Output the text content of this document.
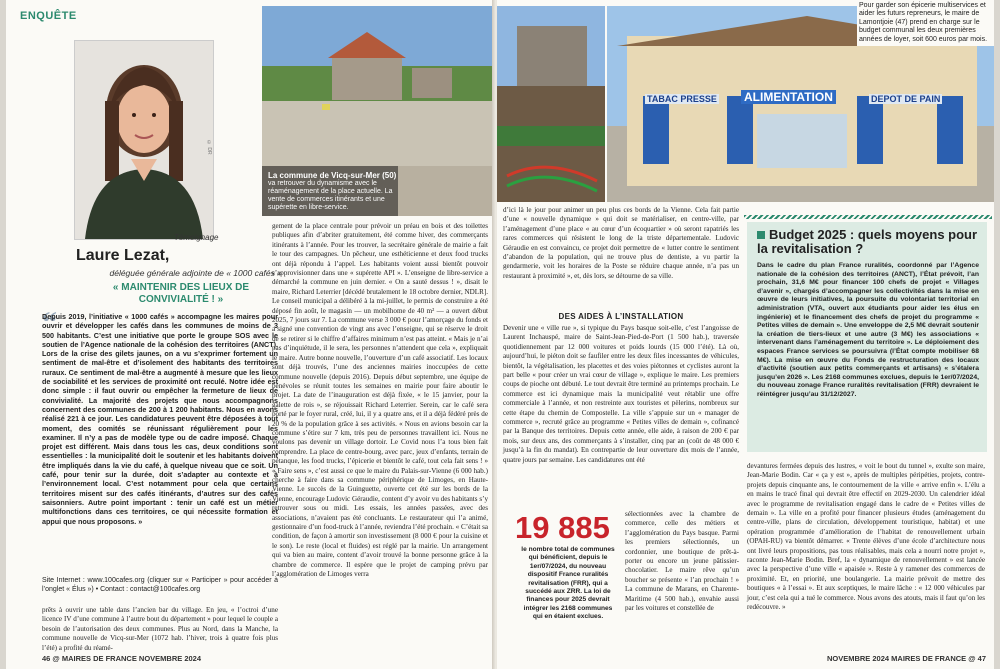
ENQUÊTE
© DR
Témoignage
Laure Lezat,
déléguée générale adjointe de « 1000 cafés »
« MAINTENIR DES LIEUX DE CONVIVIALITÉ ! »
“

Depuis 2019, l’initiative « 1000 cafés » accompagne les maires pour ouvrir et développer les cafés dans les communes de moins de 3 500 habitants. C’est une initiative que porte le groupe SOS avec le soutien de l’Agence nationale de la cohésion des territoires (ANCT). Lors de la crise des gilets jaunes, on a vu s’exprimer fortement un sentiment de mal-être et d’isolement des habitants des territoires ruraux. Ce sentiment de mal-être a augmenté à mesure que les lieux de sociabilité et les services de proximité ont reculé. Notre idée est donc simple : il faut ouvrir ou empêcher la fermeture de lieux de convivialité. La majorité des projets que nous accompagnons concernent des communes de 200 à 1 200 habitants. Nous en avons réalisé 221 à ce jour. Les candidatures peuvent être déposées à tout moment, des comités se réunissant régulièrement pour les examiner. Il n’y a pas de modèle type ou de cadre imposé. Chaque projet est différent. Mais dans tous les cas, deux conditions sont essentielles : la municipalité doit le soutenir et les habitants doivent être impliqués dans la vie du café, à quelque niveau que ce soit. Un café, pour tenir sur la durée, doit s’adapter au contexte et à l’environnement local. C’est notamment pour cela que certains territoires misent sur des cafés itinérants, d’autres sur des cafés saisonniers. Autre point important : tenir un café est un métier multifonctions dans ces territoires, ce qui nécessite formation et appui que nous proposons. »

Site Internet : www.100cafes.org (cliquer sur « Participer » pour accéder à l’onglet « Élus ») • Contact : contact@100cafes.org

prêts à ouvrir une table dans l’ancien bar du village. En jeu, « l’octroi d’une licence IV d’une commune à l’autre bout du département » pour lequel le couple a besoin de l’autorisation des deux communes. Plus au Nord, dans la Manche, la commune nouvelle de Vicq-sur-Mer (1072 hab. l’hiver, trois à quatre fois plus l’été) a profité du réamé-

La commune de Vicq-sur-Mer (50)
va retrouver du dynamisme avec le réaménagement de la place actuelle. La vente de commerces itinérants et une supérette en libre-service.

gement de la place centrale pour prévoir un préau en bois et des toilettes publiques afin d’abriter gratuitement, été comme hiver, des commerçants itinérants à l’année. Pour les trouver, la secrétaire générale de mairie a fait le tour des campagnes. Un pêcheur, une esthéticienne et deux food trucks ont déjà répondu à l’appel. Les habitants voient aussi bientôt pouvoir s’approvisionner dans une « supérette API ». L’enseigne de libre-service a démarché la commune en juin dernier. « On a sauté dessus ! », disait le maire, Richard Leterrier [décédé brutalement le 18 octobre dernier, NDLR]. Le conseil municipal a délibéré à la mi-juillet, le permis de construire a été déposé fin août, le magasin — un mobilhome de 40 m² — a ouvert début 2025, 7 jours sur 7. La commune verse 3 000 € pour l’amorçage du fonds et a signé une convention de vingt ans avec l’enseigne, qui se réserve le droit de se retirer si le chiffre d’affaires minimum n’est pas atteint. « Mais je n’ai pas d’inquiétude, il le sera, les personnes n’attendent que cela », expliquait le maire. Autre bonne nouvelle, l’ouverture d’un café associatif. Les locaux sont déjà trouvés, l’une des anciennes mairies inoccupées de cette commune nouvelle (depuis 2016). Depuis début septembre, une équipe de bénévoles se réunit toutes les semaines en mairie pour faire aboutir le projet. La date de l’inauguration est déjà fixée, « le 15 janvier, pour la galette de rois », se réjouissait Richard Leterrier. Serein, car le café sera porté par le foyer rural, créé, lui, il y a quatre ans, et il a déjà fédéré près de 20 % de la population grâce à ses activités. « Nous en avions besoin car la commune s’étire sur 7 km, très peu de personnes travaillent ici. Nous ne voulons pas devenir un village dortoir. Le Covid nous l’a tous bien fait comprendre. La place de centre-bourg, avec parc, jeux d’enfants, terrain de pétanque, les food trucks, l’épicerie et bientôt le café, tout cela fait sens ! » « Faire sens », c’est aussi ce que le maire du Palais-sur-Vienne (6 000 hab.) cherche à faire dans sa commune périphérique de Limoges, en Haute-Vienne. Le succès de la Guinguette, ouverte cet été sur les bords de la Vienne, encourage Ludovic Géraudie, content d’y avoir vu des habitants s’y retrouver sous ou midi. Les essais, les années passées, avec des associations, n’avaient pas été concluants. Le restaurateur qui l’a animé, gestionnaire d’un food-truck à l’année, reviendra l’été prochain. « C’était sa condition, de façon à amortir son investissement (8 000 € pour la cuisine et le son). Le reste (local et fluides) est réglé par la mairie. Un arrangement qui va bien au maire, content d’avoir trouvé la bonne personne grâce à la chambre de commerce. Il espère que le projet de camping prévu par l’agglomération de Limoges verra

46 @ MAIRES DE FRANCE NOVEMBRE 2024
TABAC PRESSE ALIMENTATION	DEPOT DE PAIN
Pour garder son épicerie multiservices et aider les futurs repreneurs, le maire de Lamontjoie (47) prend en charge sur le budget communal les deux premières années de loyer, soit 600 euros par mois.

d’ici là le jour pour animer un peu plus ces bords de la Vienne. Cela fait partie d’une « nouvelle dynamique » qui doit se matérialiser, en centre-ville, par l’aménagement d’une place « au cœur d’un écoquartier » où seront rapatriés les rares commerces qui résistent le long de la triste départementale. Ludovic Géraudie en est convaincu, ce projet doit permettre de « lutter contre le sentiment d’abandon de la population, qui ne trouve plus de dentiste, a vu partir la gendarmerie, voit les horaires de la Poste se réduire chaque année, n’a pas un restaurant à proximité », et, dès lors, se détourne de sa ville.

DES AIDES À L’INSTALLATION

Devenir une « ville rue », si typique du Pays basque soit-elle, c’est l’angoisse de Laurent Inchauspé, maire de Saint-Jean-Pied-de-Port (1 500 hab.), traversée quotidiennement par 12 000 voitures et poids lourds (15 000 l’été). Là où, aujourd’hui, le piéton doit se faufiler entre les deux files incessantes de véhicules, bientôt, la végétalisation, les placettes et des voies piétonnes et cyclistes auront la part belle « pour créer un vrai cœur de village », explique le maire. Les premiers coups de pioche ont débuté. Le tout devrait être terminé au printemps prochain. Le commerce est ici dynamique mais la municipalité veut rétablir une offre commerciale à l’année, et non restreinte aux touristes et pèlerins, nombreux sur cette étape du chemin de Compostelle. La ville s’appuie sur un « manager de commerce », recruté grâce au programme « Petites villes de demain », cofinancé par la Banque des territoires. Depuis cette année, elle aide, à raison de 200 € par mois, sur deux ans, des commerçants à s’installer, cinq par an (coût de 48 000 € jusqu’à la fin du mandat). En contrepartie de leur ouverture dix mois de l’année, quatre jours par semaine. Les candidatures ont été

19 885
le nombre total de communes qui bénéficient, depuis le 1er/07/2024, du nouveau dispositif France ruralités revitalisation (FRR), qui a succédé aux ZRR. La loi de finances pour 2025 devrait intégrer les 2168 communes qui en étaient exclues.

sélectionnées avec la chambre de commerce, celle des métiers et l’agglomération du Pays basque. Parmi les premiers sélectionnés, un cordonnier, une boutique de prêt-à-porter ou encore un jeune pâtissier-chocolatier. Le maire rêve qu’un boucher se présente « l’an prochain ! » La commune de Marans, en Charente-Maritime (4 500 hab.), envahie aussi par les voitures et constellée de

Budget 2025 : quels moyens pour la revitalisation ?

Dans le cadre du plan France ruralités, coordonné par l’Agence nationale de la cohésion des territoires (ANCT), l’État prévoit, l’an prochain, 31,6 M€ pour financer 100 chefs de projet « Villages d’avenir », chargés d’accompagner les collectivités dans la mise en œuvre de leurs initiatives, la poursuite du volontariat territorial en administration (VTA, ouvert aux étudiants pour aider les élus en ingénierie) et le financement des chefs de projet du programme « Petites villes de demain ». Une enveloppe de 2,5 M€ devrait soutenir la création de tiers-lieux et une autre (3 M€) les associations « intervenant dans l’aménagement du territoire ». Le déploiement des espaces France services se poursuivra (l’État compte mobiliser 68 M€). La mise en œuvre du Fonds de restructuration des locaux d’activité (soutien aux petits commerçants et artisans) « s’étalera jusqu’en 2026 ». Les 2168 communes exclues, depuis le 1er/07/2024, du nouveau zonage France ruralités revitalisation (FRR) devraient le réintégrer jusqu’au 31/12/2027.

devantures fermées depuis des lustres, « voit le bout du tunnel », exulte son maire, Jean-Marie Bodin. Car « ça y est », après de multiples péripéties, projets, contre-projets depuis cinquante ans, le contournement de la ville « arrive enfin ». L’élu a en mains le tracé final qui devrait être effectif en 2029-2030. Un calendrier idéal avec le programme de revitalisation engagé dans le cadre de « Petites villes de demain ». La ville en a profité pour financer plusieurs études (aménagement du centre-ville, plans de circulation, développement touristique, habitat) et une opération programmée d’amélioration de l’habitat de renouvellement urbain (OPAH-RU) va bientôt démarrer. « Trente élèves d’une école d’architecture nous ont livré leurs propositions, pas tous réalisables, mais cela a nourri notre projet », raconte Jean-Marie Bodin. Bref, la « dynamique de renouvellement » est lancée avec la perspective d’une ville « apaisée ». Reste à y ramener des commerces de proximité. Et, en priorité, une boulangerie. La mairie prévoit de mettre des boutiques « à l’essai ». Et aux sceptiques, le maire lâche : « 12 000 véhicules par jour, c’est cela qui a tué le commerce. Nous avons des atouts, mais il faut qu’on les redécouvre. »

NOVEMBRE 2024 MAIRES DE FRANCE @ 47
